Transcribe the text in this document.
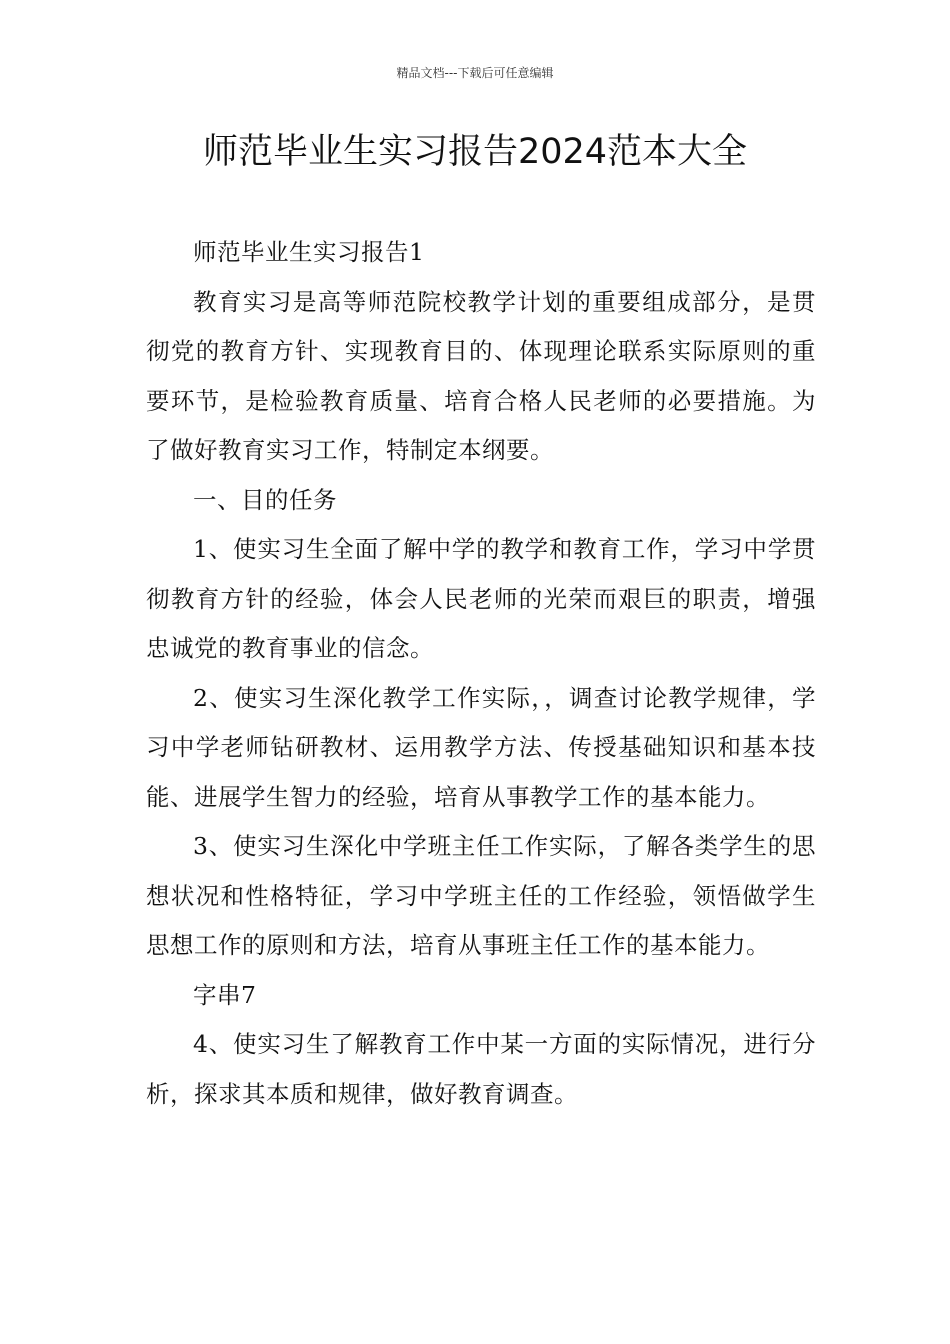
精品文档---下载后可任意编辑
师范毕业生实习报告2024范本大全

师范毕业生实习报告1

教育实习是高等师范院校教学计划的重要组成部分，是贯彻党的教育方针、实现教育目的、体现理论联系实际原则的重要环节，是检验教育质量、培育合格人民老师的必要措施。为了做好教育实习工作，特制定本纲要。

一、目的任务

1、使实习生全面了解中学的教学和教育工作，学习中学贯彻教育方针的经验，体会人民老师的光荣而艰巨的职责，增强忠诚党的教育事业的信念。

2、使实习生深化教学工作实际，，调查讨论教学规律，学习中学老师钻研教材、运用教学方法、传授基础知识和基本技能、进展学生智力的经验，培育从事教学工作的基本能力。

3、使实习生深化中学班主任工作实际，了解各类学生的思想状况和性格特征，学习中学班主任的工作经验，领悟做学生思想工作的原则和方法，培育从事班主任工作的基本能力。

字串7

4、使实习生了解教育工作中某一方面的实际情况，进行分析，探求其本质和规律，做好教育调查。
